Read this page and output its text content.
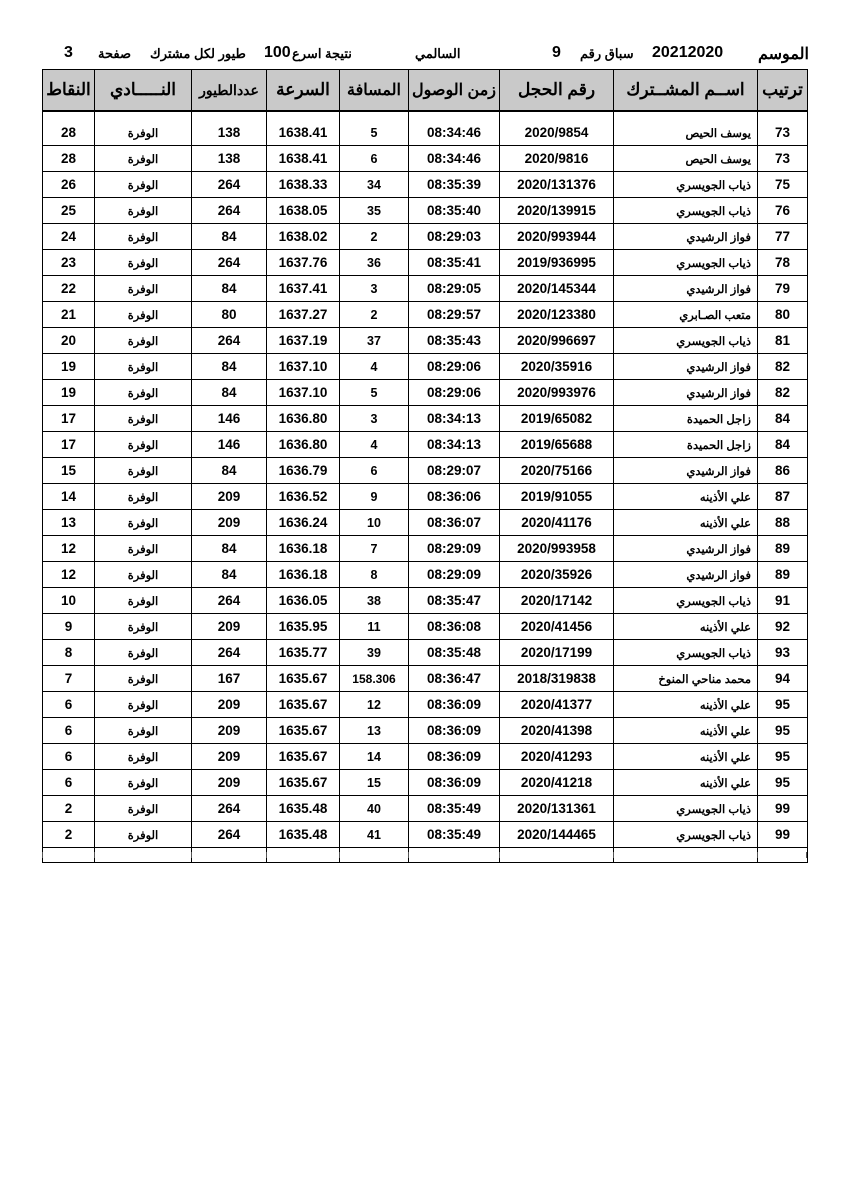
الموسم
20212020
سباق رقم
9
السالمي
نتيجة اسرع
100
طيور لكل مشترك
صفحة
3
النقاط	النـــــادي	عددالطيور	السرعة	المسافة	زمن الوصول	رقم الحجل	اســم المشــترك	ترتيب
28	الوفرة	138	1638.41	5	08:34:46	2020/9854	يوسف الحيص	73
28	الوفرة	138	1638.41	6	08:34:46	2020/9816	يوسف الحيص	73
26	الوفرة	264	1638.33	34	08:35:39	2020/131376	ذياب الجويسري	75
25	الوفرة	264	1638.05	35	08:35:40	2020/139915	ذياب الجويسري	76
24	الوفرة	84	1638.02	2	08:29:03	2020/993944	فواز الرشيدي	77
23	الوفرة	264	1637.76	36	08:35:41	2019/936995	ذياب الجويسري	78
22	الوفرة	84	1637.41	3	08:29:05	2020/145344	فواز الرشيدي	79
21	الوفرة	80	1637.27	2	08:29:57	2020/123380	متعب الصـابري	80
20	الوفرة	264	1637.19	37	08:35:43	2020/996697	ذياب الجويسري	81
19	الوفرة	84	1637.10	4	08:29:06	2020/35916	فواز الرشيدي	82
19	الوفرة	84	1637.10	5	08:29:06	2020/993976	فواز الرشيدي	82
17	الوفرة	146	1636.80	3	08:34:13	2019/65082	زاجل الحميدة	84
17	الوفرة	146	1636.80	4	08:34:13	2019/65688	زاجل الحميدة	84
15	الوفرة	84	1636.79	6	08:29:07	2020/75166	فواز الرشيدي	86
14	الوفرة	209	1636.52	9	08:36:06	2019/91055	علي الأذينه	87
13	الوفرة	209	1636.24	10	08:36:07	2020/41176	علي الأذينه	88
12	الوفرة	84	1636.18	7	08:29:09	2020/993958	فواز الرشيدي	89
12	الوفرة	84	1636.18	8	08:29:09	2020/35926	فواز الرشيدي	89
10	الوفرة	264	1636.05	38	08:35:47	2020/17142	ذياب الجويسري	91
9	الوفرة	209	1635.95	11	08:36:08	2020/41456	علي الأذينه	92
8	الوفرة	264	1635.77	39	08:35:48	2020/17199	ذياب الجويسري	93
7	الوفرة	167	1635.67	158.306	08:36:47	2018/319838	محمد مناحي المنوخ	94
6	الوفرة	209	1635.67	12	08:36:09	2020/41377	علي الأذينه	95
6	الوفرة	209	1635.67	13	08:36:09	2020/41398	علي الأذينه	95
6	الوفرة	209	1635.67	14	08:36:09	2020/41293	علي الأذينه	95
6	الوفرة	209	1635.67	15	08:36:09	2020/41218	علي الأذينه	95
2	الوفرة	264	1635.48	40	08:35:49	2020/131361	ذياب الجويسري	99
2	الوفرة	264	1635.48	41	08:35:49	2020/144465	ذياب الجويسري	99
